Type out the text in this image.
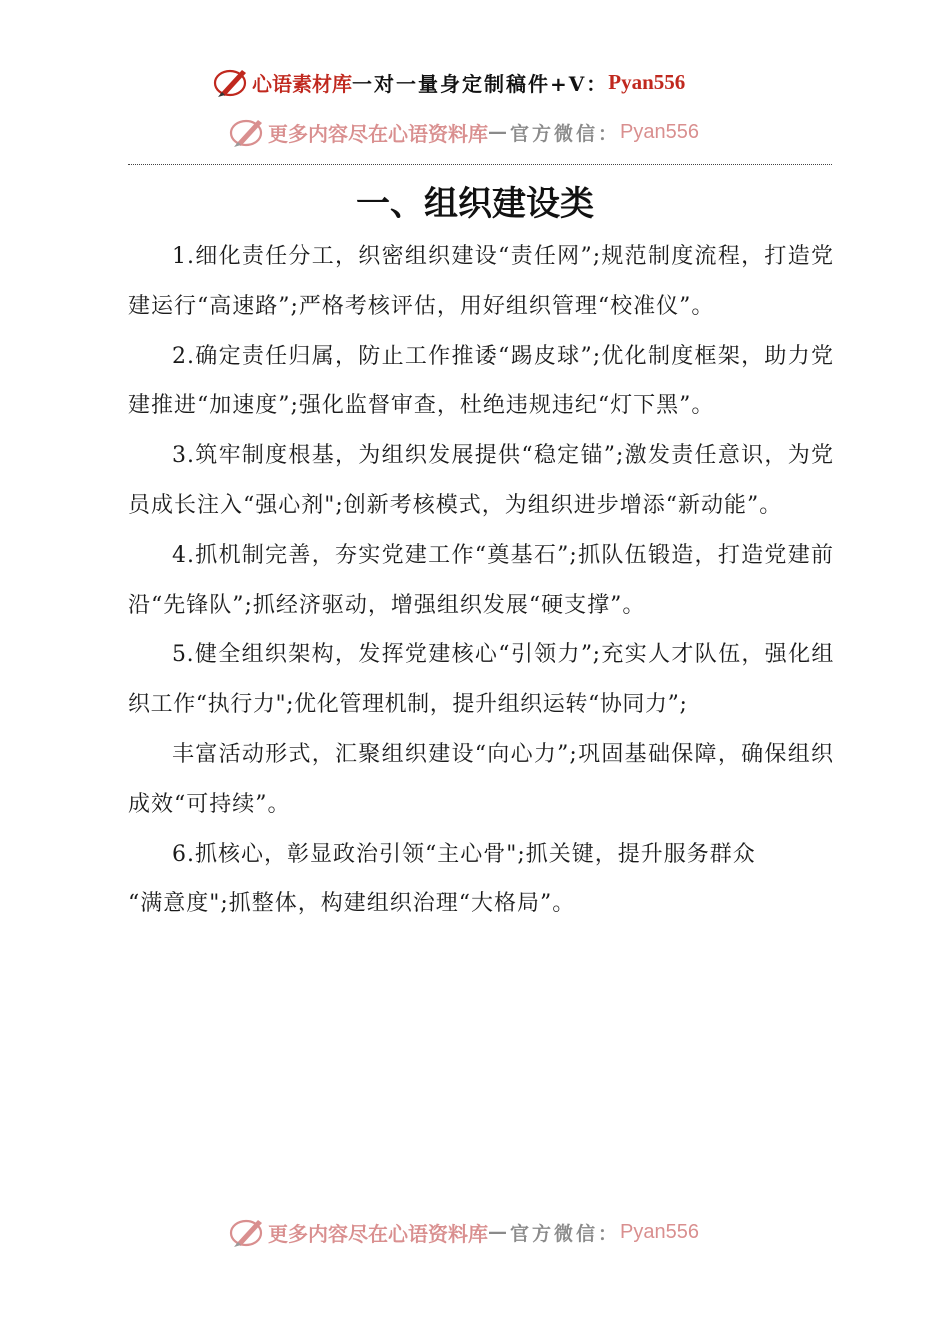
心语素材库 一对一量身定制稿件+V： Pyan556
更多内容尽在心语资料库 — 官方微信： Pyan556
一、组织建设类

1.细化责任分工，织密组织建设“责任网”;规范制度流程，打造党建运行“高速路”;严格考核评估，用好组织管理“校准仪”。

2.确定责任归属，防止工作推诿“踢皮球”;优化制度框架，助力党建推进“加速度”;强化监督审查，杜绝违规违纪“灯下黑”。

3.筑牢制度根基，为组织发展提供“稳定锚”;激发责任意识，为党员成长注入“强心剂";创新考核模式，为组织进步增添“新动能”。

4.抓机制完善，夯实党建工作“奠基石”;抓队伍锻造，打造党建前沿“先锋队”;抓经济驱动，增强组织发展“硬支撑”。

5.健全组织架构，发挥党建核心“引领力”;充实人才队伍，强化组织工作“执行力";优化管理机制，提升组织运转“协同力”;

丰富活动形式，汇聚组织建设“向心力”;巩固基础保障，确保组织成效“可持续”。

6.抓核心，彰显政治引领“主心骨";抓关键，提升服务群众

“满意度";抓整体，构建组织治理“大格局”。

更多内容尽在心语资料库 — 官方微信： Pyan556
